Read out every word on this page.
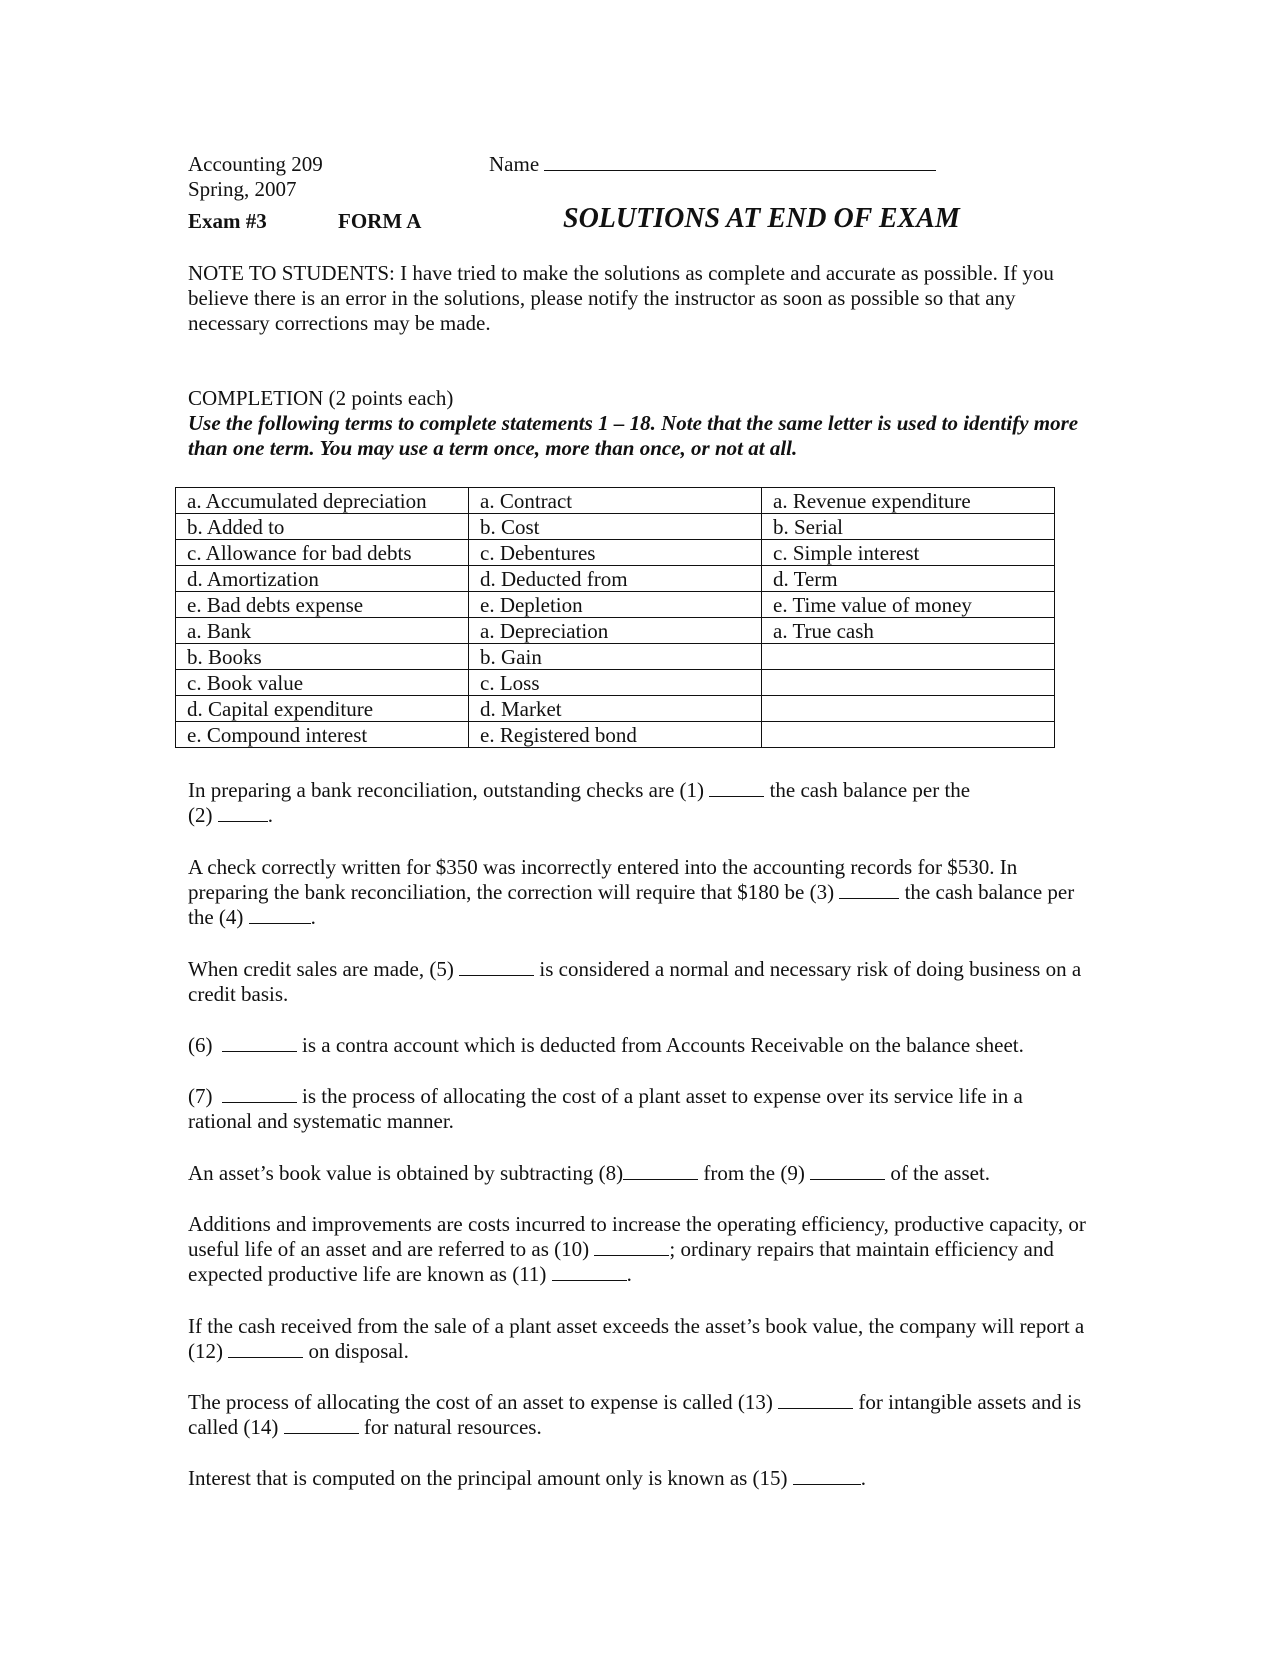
Accounting 209
Spring, 2007
Name
Exam #3	FORM A	SOLUTIONS AT END OF EXAM
NOTE TO STUDENTS: I have tried to make the solutions as complete and accurate as possible. If you believe there is an error in the solutions, please notify the instructor as soon as possible so that any necessary corrections may be made.
COMPLETION (2 points each)
Use the following terms to complete statements 1 – 18. Note that the same letter is used to identify more than one term. You may use a term once, more than once, or not at all.
a. Accumulated depreciation	a. Contract	a. Revenue expenditure
b. Added to	b. Cost	b. Serial
c. Allowance for bad debts	c. Debentures	c. Simple interest
d. Amortization	d. Deducted from	d. Term
e. Bad debts expense	e. Depletion	e. Time value of money
a. Bank	a. Depreciation	a. True cash
b. Books	b. Gain	
c. Book value	c. Loss	
d. Capital expenditure	d. Market	
e. Compound interest	e. Registered bond	
In preparing a bank reconciliation, outstanding checks are (1)	the cash balance per the
(2)	.
A check correctly written for $350 was incorrectly entered into the accounting records for $530. In preparing the bank reconciliation, the correction will require that $180 be (3)	the cash balance per the (4)	.
When credit sales are made, (5)	is considered a normal and necessary risk of doing business on a credit basis.
(6)	is a contra account which is deducted from Accounts Receivable on the balance sheet.
(7)	is the process of allocating the cost of a plant asset to expense over its service life in a rational and systematic manner.
An asset’s book value is obtained by subtracting (8)	from the (9)	of the asset.
Additions and improvements are costs incurred to increase the operating efficiency, productive capacity, or useful life of an asset and are referred to as (10)	; ordinary repairs that maintain efficiency and expected productive life are known as (11)	.
If the cash received from the sale of a plant asset exceeds the asset’s book value, the company will report a (12)	on disposal.
The process of allocating the cost of an asset to expense is called (13)	for intangible assets and is called (14)	for natural resources.
Interest that is computed on the principal amount only is known as (15)	.
